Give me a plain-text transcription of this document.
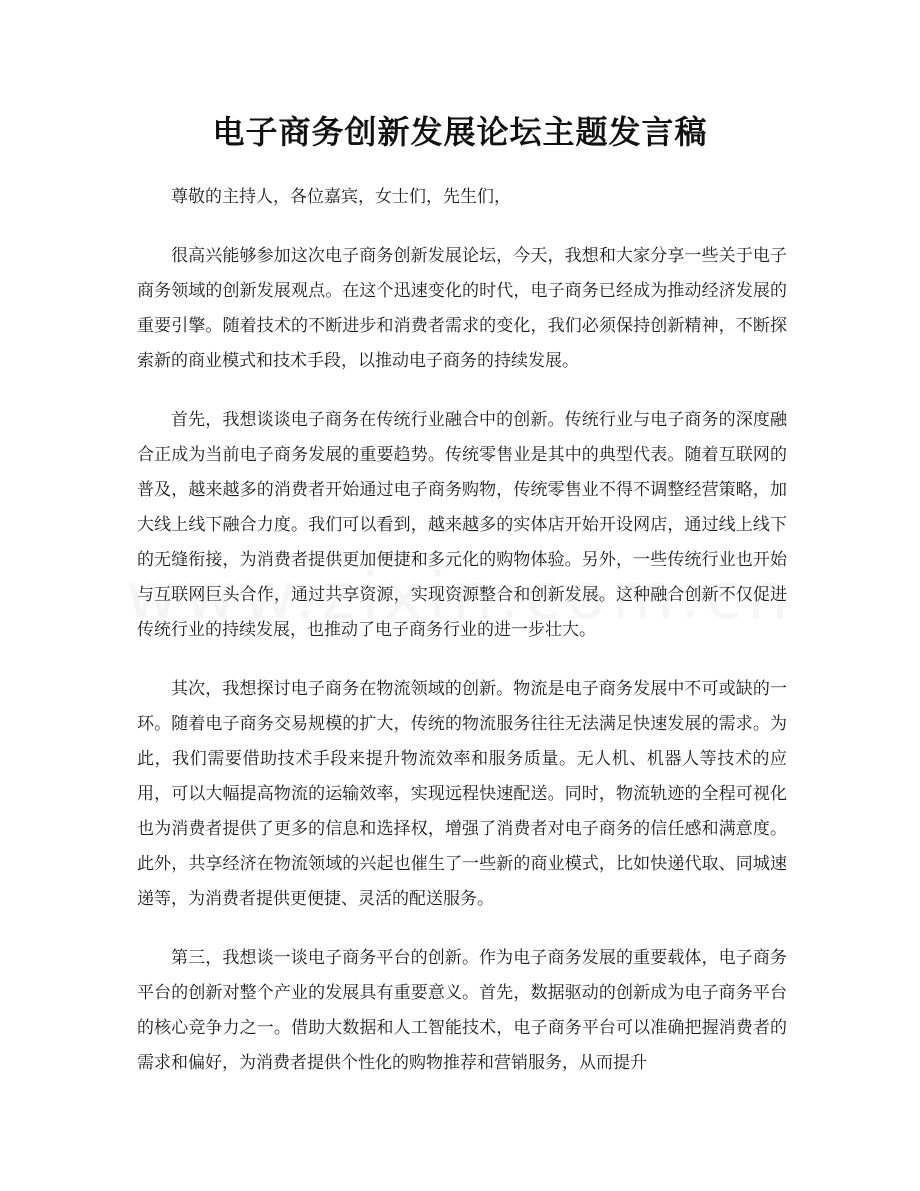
电子商务创新发展论坛主题发言稿

尊敬的主持人，各位嘉宾，女士们，先生们，

很高兴能够参加这次电子商务创新发展论坛，今天，我想和大家分享一些关于电子商务领域的创新发展观点。在这个迅速变化的时代，电子商务已经成为推动经济发展的重要引擎。随着技术的不断进步和消费者需求的变化，我们必须保持创新精神，不断探索新的商业模式和技术手段，以推动电子商务的持续发展。

首先，我想谈谈电子商务在传统行业融合中的创新。传统行业与电子商务的深度融合正成为当前电子商务发展的重要趋势。传统零售业是其中的典型代表。随着互联网的普及，越来越多的消费者开始通过电子商务购物，传统零售业不得不调整经营策略，加大线上线下融合力度。我们可以看到，越来越多的实体店开始开设网店，通过线上线下的无缝衔接，为消费者提供更加便捷和多元化的购物体验。另外，一些传统行业也开始与互联网巨头合作，通过共享资源，实现资源整合和创新发展。这种融合创新不仅促进传统行业的持续发展，也推动了电子商务行业的进一步壮大。

其次，我想探讨电子商务在物流领域的创新。物流是电子商务发展中不可或缺的一环。随着电子商务交易规模的扩大，传统的物流服务往往无法满足快速发展的需求。为此，我们需要借助技术手段来提升物流效率和服务质量。无人机、机器人等技术的应用，可以大幅提高物流的运输效率，实现远程快速配送。同时，物流轨迹的全程可视化也为消费者提供了更多的信息和选择权，增强了消费者对电子商务的信任感和满意度。此外，共享经济在物流领域的兴起也催生了一些新的商业模式，比如快递代取、同城速递等，为消费者提供更便捷、灵活的配送服务。

第三，我想谈一谈电子商务平台的创新。作为电子商务发展的重要载体，电子商务平台的创新对整个产业的发展具有重要意义。首先，数据驱动的创新成为电子商务平台的核心竞争力之一。借助大数据和人工智能技术，电子商务平台可以准确把握消费者的需求和偏好，为消费者提供个性化的购物推荐和营销服务，从而提升
